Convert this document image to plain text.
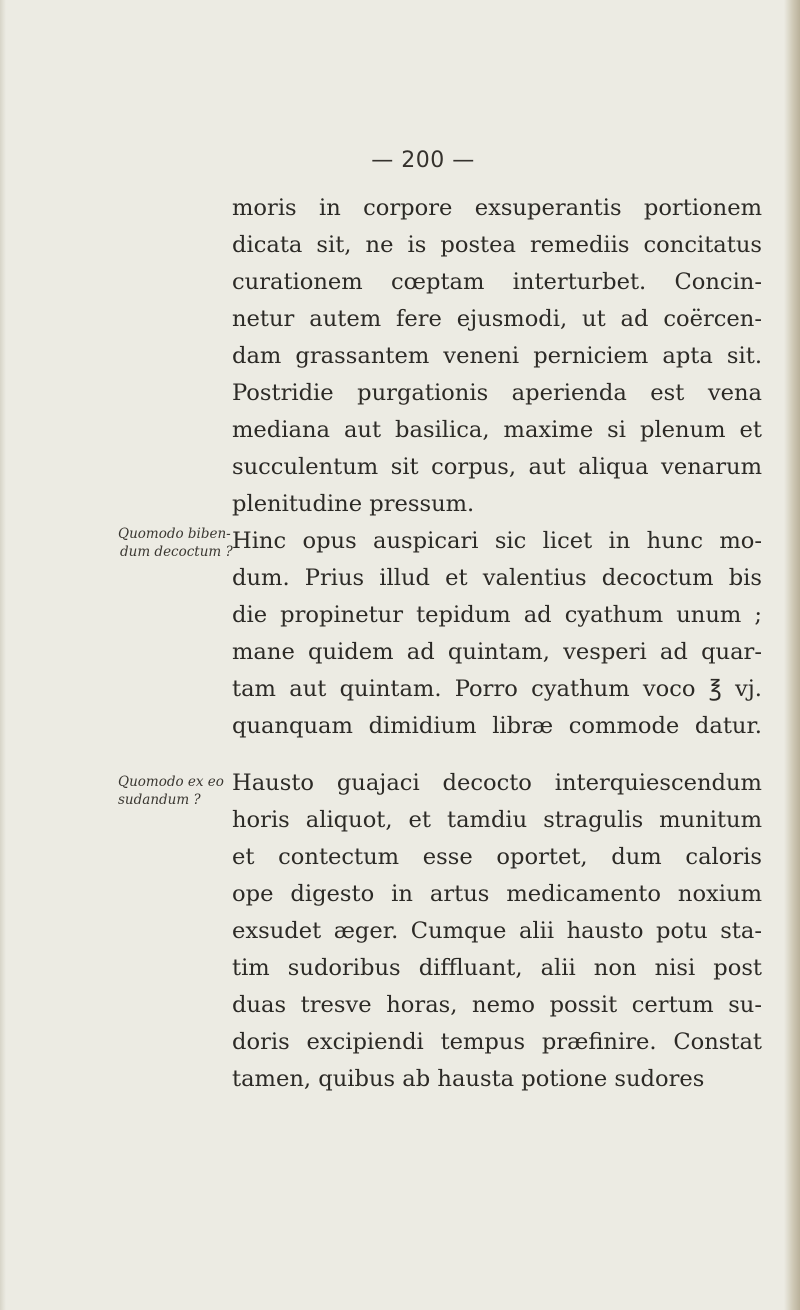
— 200 —
moris in corpore exsuperantis portionem
dicata sit, ne is postea remediis concitatus
curationem cœptam interturbet. Concin-
netur autem fere ejusmodi, ut ad coërcen-
dam grassantem veneni perniciem apta sit.
Postridie purgationis aperienda est vena
mediana aut basilica, maxime si plenum et
succulentum sit corpus, aut aliqua venarum
plenitudine pressum.
Quomodo biben-
dum decoctum ? Hinc opus auspicari sic licet in hunc mo-
dum. Prius illud et valentius decoctum bis
die propinetur tepidum ad cyathum unum ;
mane quidem ad quintam, vesperi ad quar-
tam aut quintam. Porro cyathum voco ℥ vj.
quanquam dimidium libræ commode datur.
Quomodo ex eo
sudandum ?
Hausto guajaci decocto interquiescendum
horis aliquot, et tamdiu stragulis munitum
et contectum esse oportet, dum caloris
ope digesto in artus medicamento noxium
exsudet æger. Cumque alii hausto potu sta-
tim sudoribus diffluant, alii non nisi post
duas tresve horas, nemo possit certum su-
doris excipiendi tempus præfinire. Constat
tamen, quibus ab hausta potione sudores
